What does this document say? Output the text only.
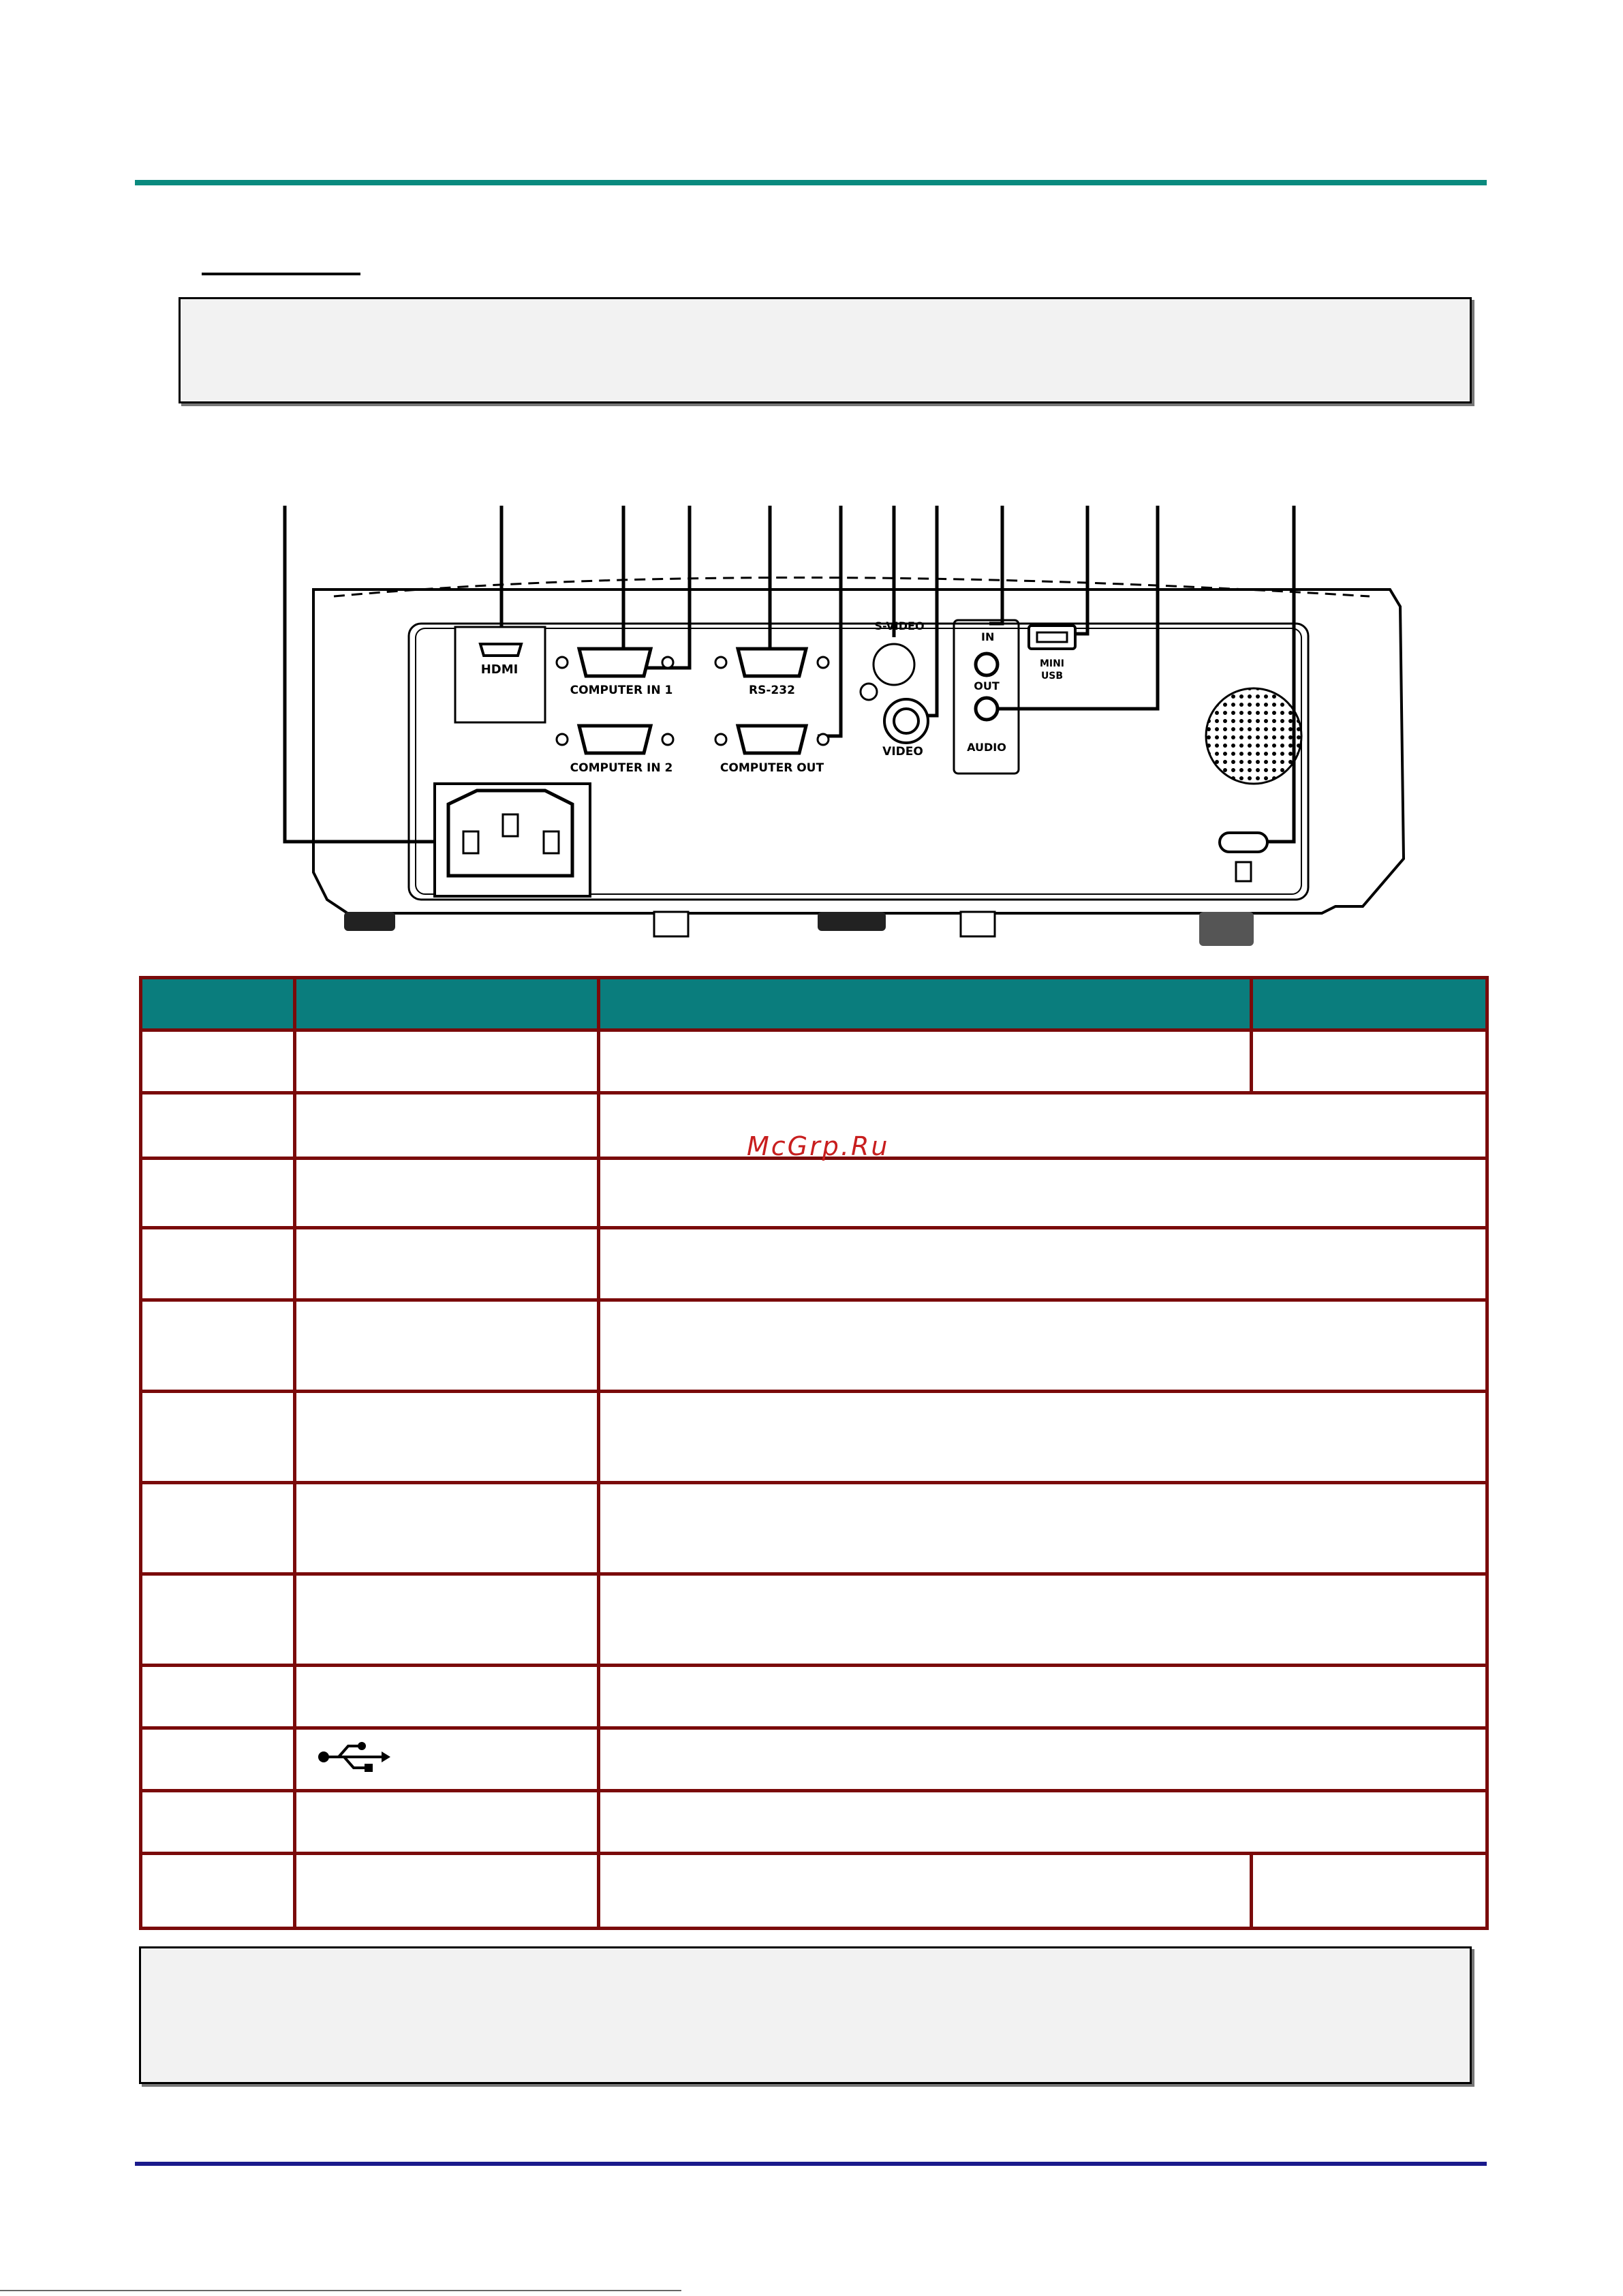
HDMI
COMPUTER IN 1
COMPUTER IN 2
RS-232
COMPUTER OUT
S-VIDEO
VIDEO
IN
OUT
AUDIO
MINI
USB

McGrp.Ru
